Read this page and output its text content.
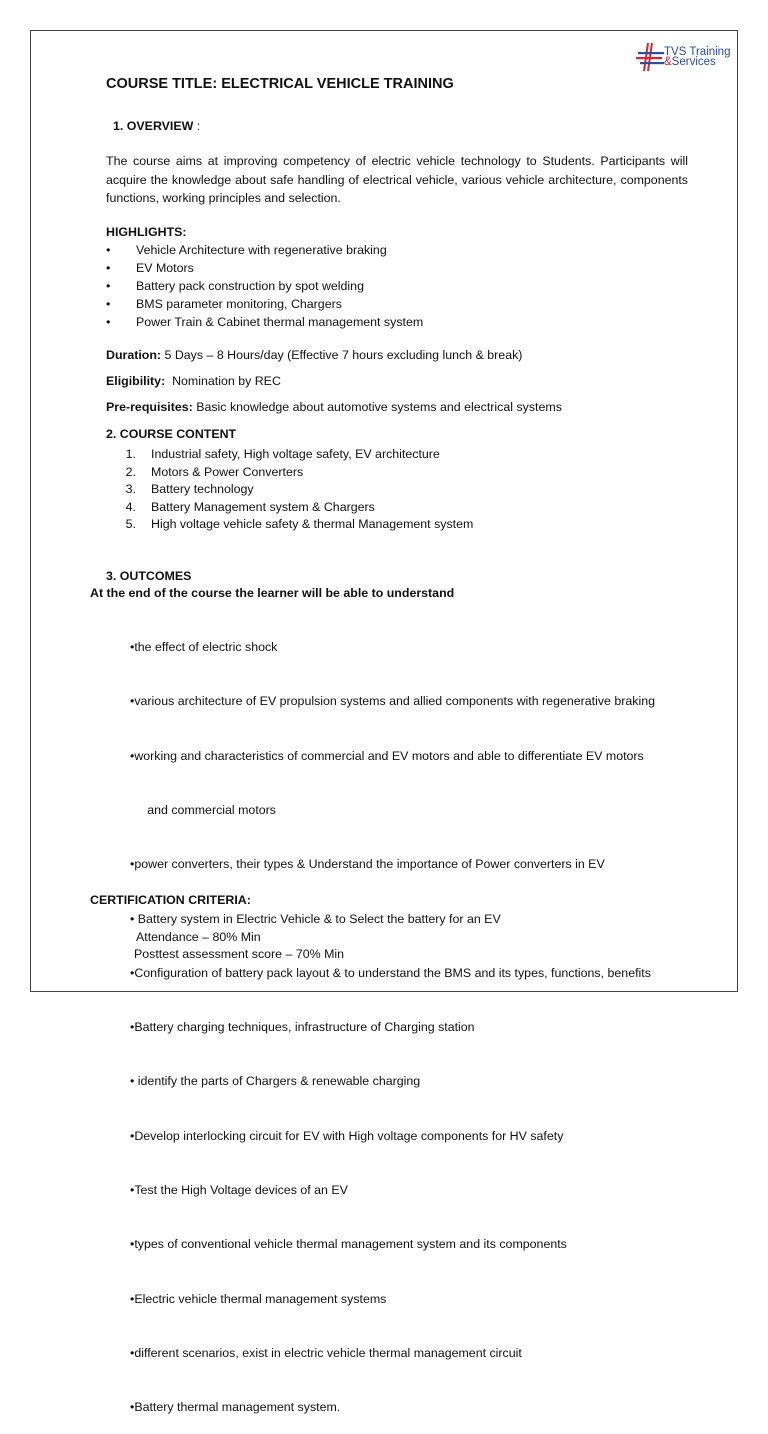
TVS Training
&Services
COURSE TITLE: ELECTRICAL VEHICLE TRAINING
1. OVERVIEW :
The course aims at improving competency of electric vehicle technology to Students. Participants will acquire the knowledge about safe handling of electrical vehicle, various vehicle architecture, components functions, working principles and selection.
HIGHLIGHTS:
• Vehicle Architecture with regenerative braking
• EV Motors
• Battery pack construction by spot welding
• BMS parameter monitoring, Chargers
• Power Train & Cabinet thermal management system
Duration: 5 Days – 8 Hours/day (Effective 7 hours excluding lunch & break)
Eligibility:  Nomination by REC
Pre-requisites: Basic knowledge about automotive systems and electrical systems
2. COURSE CONTENT
1. Industrial safety, High voltage safety, EV architecture
2. Motors & Power Converters
3. Battery technology
4. Battery Management system & Chargers
5. High voltage vehicle safety & thermal Management system
3. OUTCOMES
At the end of the course the learner will be able to understand

•the effect of electric shock

•various architecture of EV propulsion systems and allied components with regenerative braking

•working and characteristics of commercial and EV motors and able to differentiate EV motors

and commercial motors

•power converters, their types & Understand the importance of Power converters in EV

• Battery system in Electric Vehicle & to Select the battery for an EV

•Configuration of battery pack layout & to understand the BMS and its types, functions, benefits

•Battery charging techniques, infrastructure of Charging station

• identify the parts of Chargers & renewable charging

•Develop interlocking circuit for EV with High voltage components for HV safety

•Test the High Voltage devices of an EV

•types of conventional vehicle thermal management system and its components

•Electric vehicle thermal management systems

•different scenarios, exist in electric vehicle thermal management circuit

•Battery thermal management system.

CERTIFICATION CRITERIA:
Attendance – 80% Min
Posttest assessment score – 70% Min
